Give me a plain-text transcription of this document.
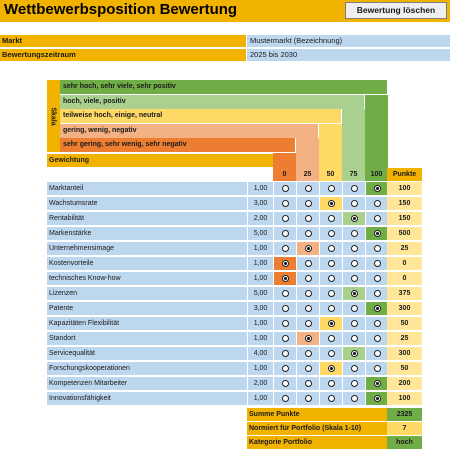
Wettbewerbsposition Bewertung	Bewertung löschen
Markt	Mustermarkt (Bezeichnung)
Bewertungszeitraum	2025 bis 2030
Skala
sehr hoch, sehr viele, sehr positiv
hoch, viele, positiv
teilweise hoch, einige, neutral
gering, wenig, negativ
sehr gering, sehr wenig, sehr negativ
Gewichtung
0	25	50	75	100	Punkte
Marktanteil	1,00	100
Wachstumsrate	3,00	150
Rentabilität	2,00	150
Markenstärke	5,00	500
Unternehmensimage	1,00	25
Kostenvorteile	1,00	0
technisches Know-how	1,00	0
Lizenzen	5,00	375
Patente	3,00	300
Kapazitäten Flexibilität	1,00	50
Standort	1,00	25
Servicequalität	4,00	300
Forschungskooperationen	1,00	50
Kompetenzen Mitarbeiter	2,00	200
Innovationsfähigkeit	1,00	100
Summe Punkte	2325
Normiert für Portfolio (Skala 1-10)	7
Kategorie Portfolio	hoch
